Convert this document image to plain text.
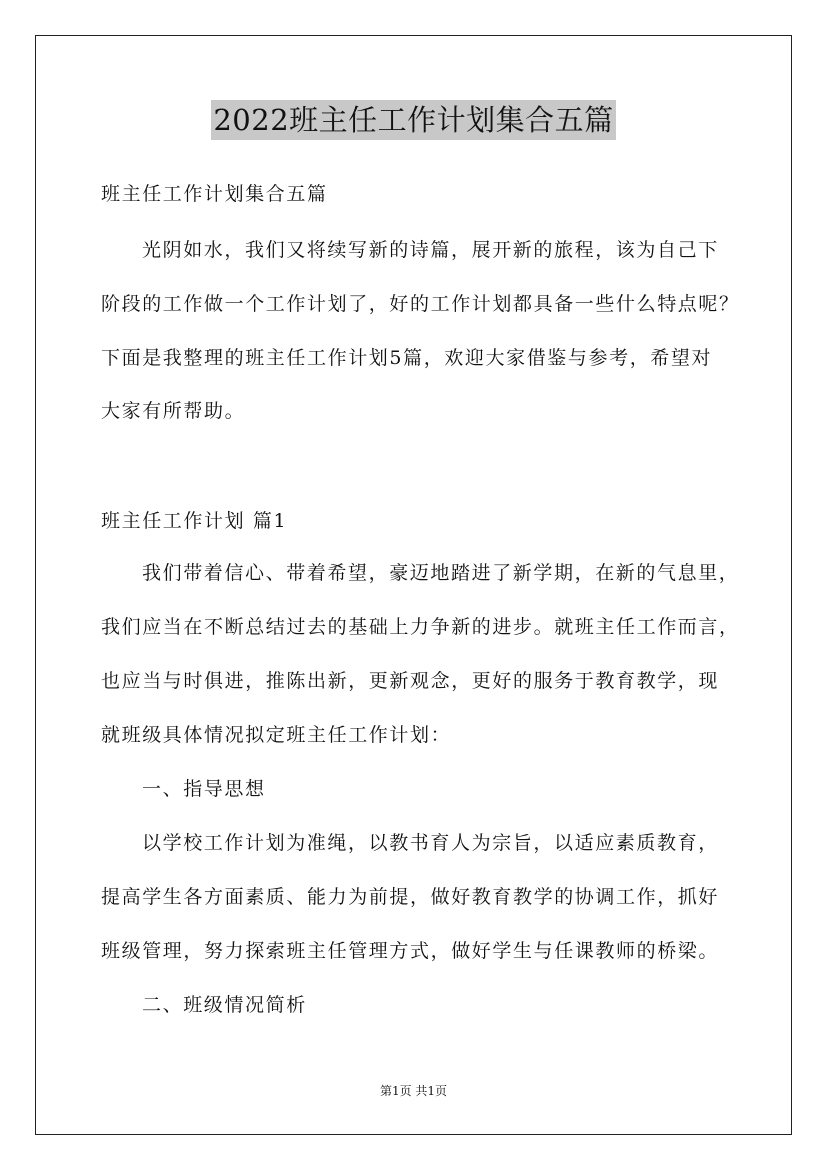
2022班主任工作计划集合五篇
班主任工作计划集合五篇
光阴如水，我们又将续写新的诗篇，展开新的旅程，该为自己下
阶段的工作做一个工作计划了，好的工作计划都具备一些什么特点呢？
下面是我整理的班主任工作计划5篇，欢迎大家借鉴与参考，希望对
大家有所帮助。
班主任工作计划 篇1
我们带着信心、带着希望，豪迈地踏进了新学期，在新的气息里，
我们应当在不断总结过去的基础上力争新的进步。就班主任工作而言，
也应当与时俱进，推陈出新，更新观念，更好的服务于教育教学，现
就班级具体情况拟定班主任工作计划：
一、指导思想
以学校工作计划为准绳，以教书育人为宗旨，以适应素质教育，
提高学生各方面素质、能力为前提，做好教育教学的协调工作，抓好
班级管理，努力探索班主任管理方式，做好学生与任课教师的桥梁。
二、班级情况简析
第1页 共1页
